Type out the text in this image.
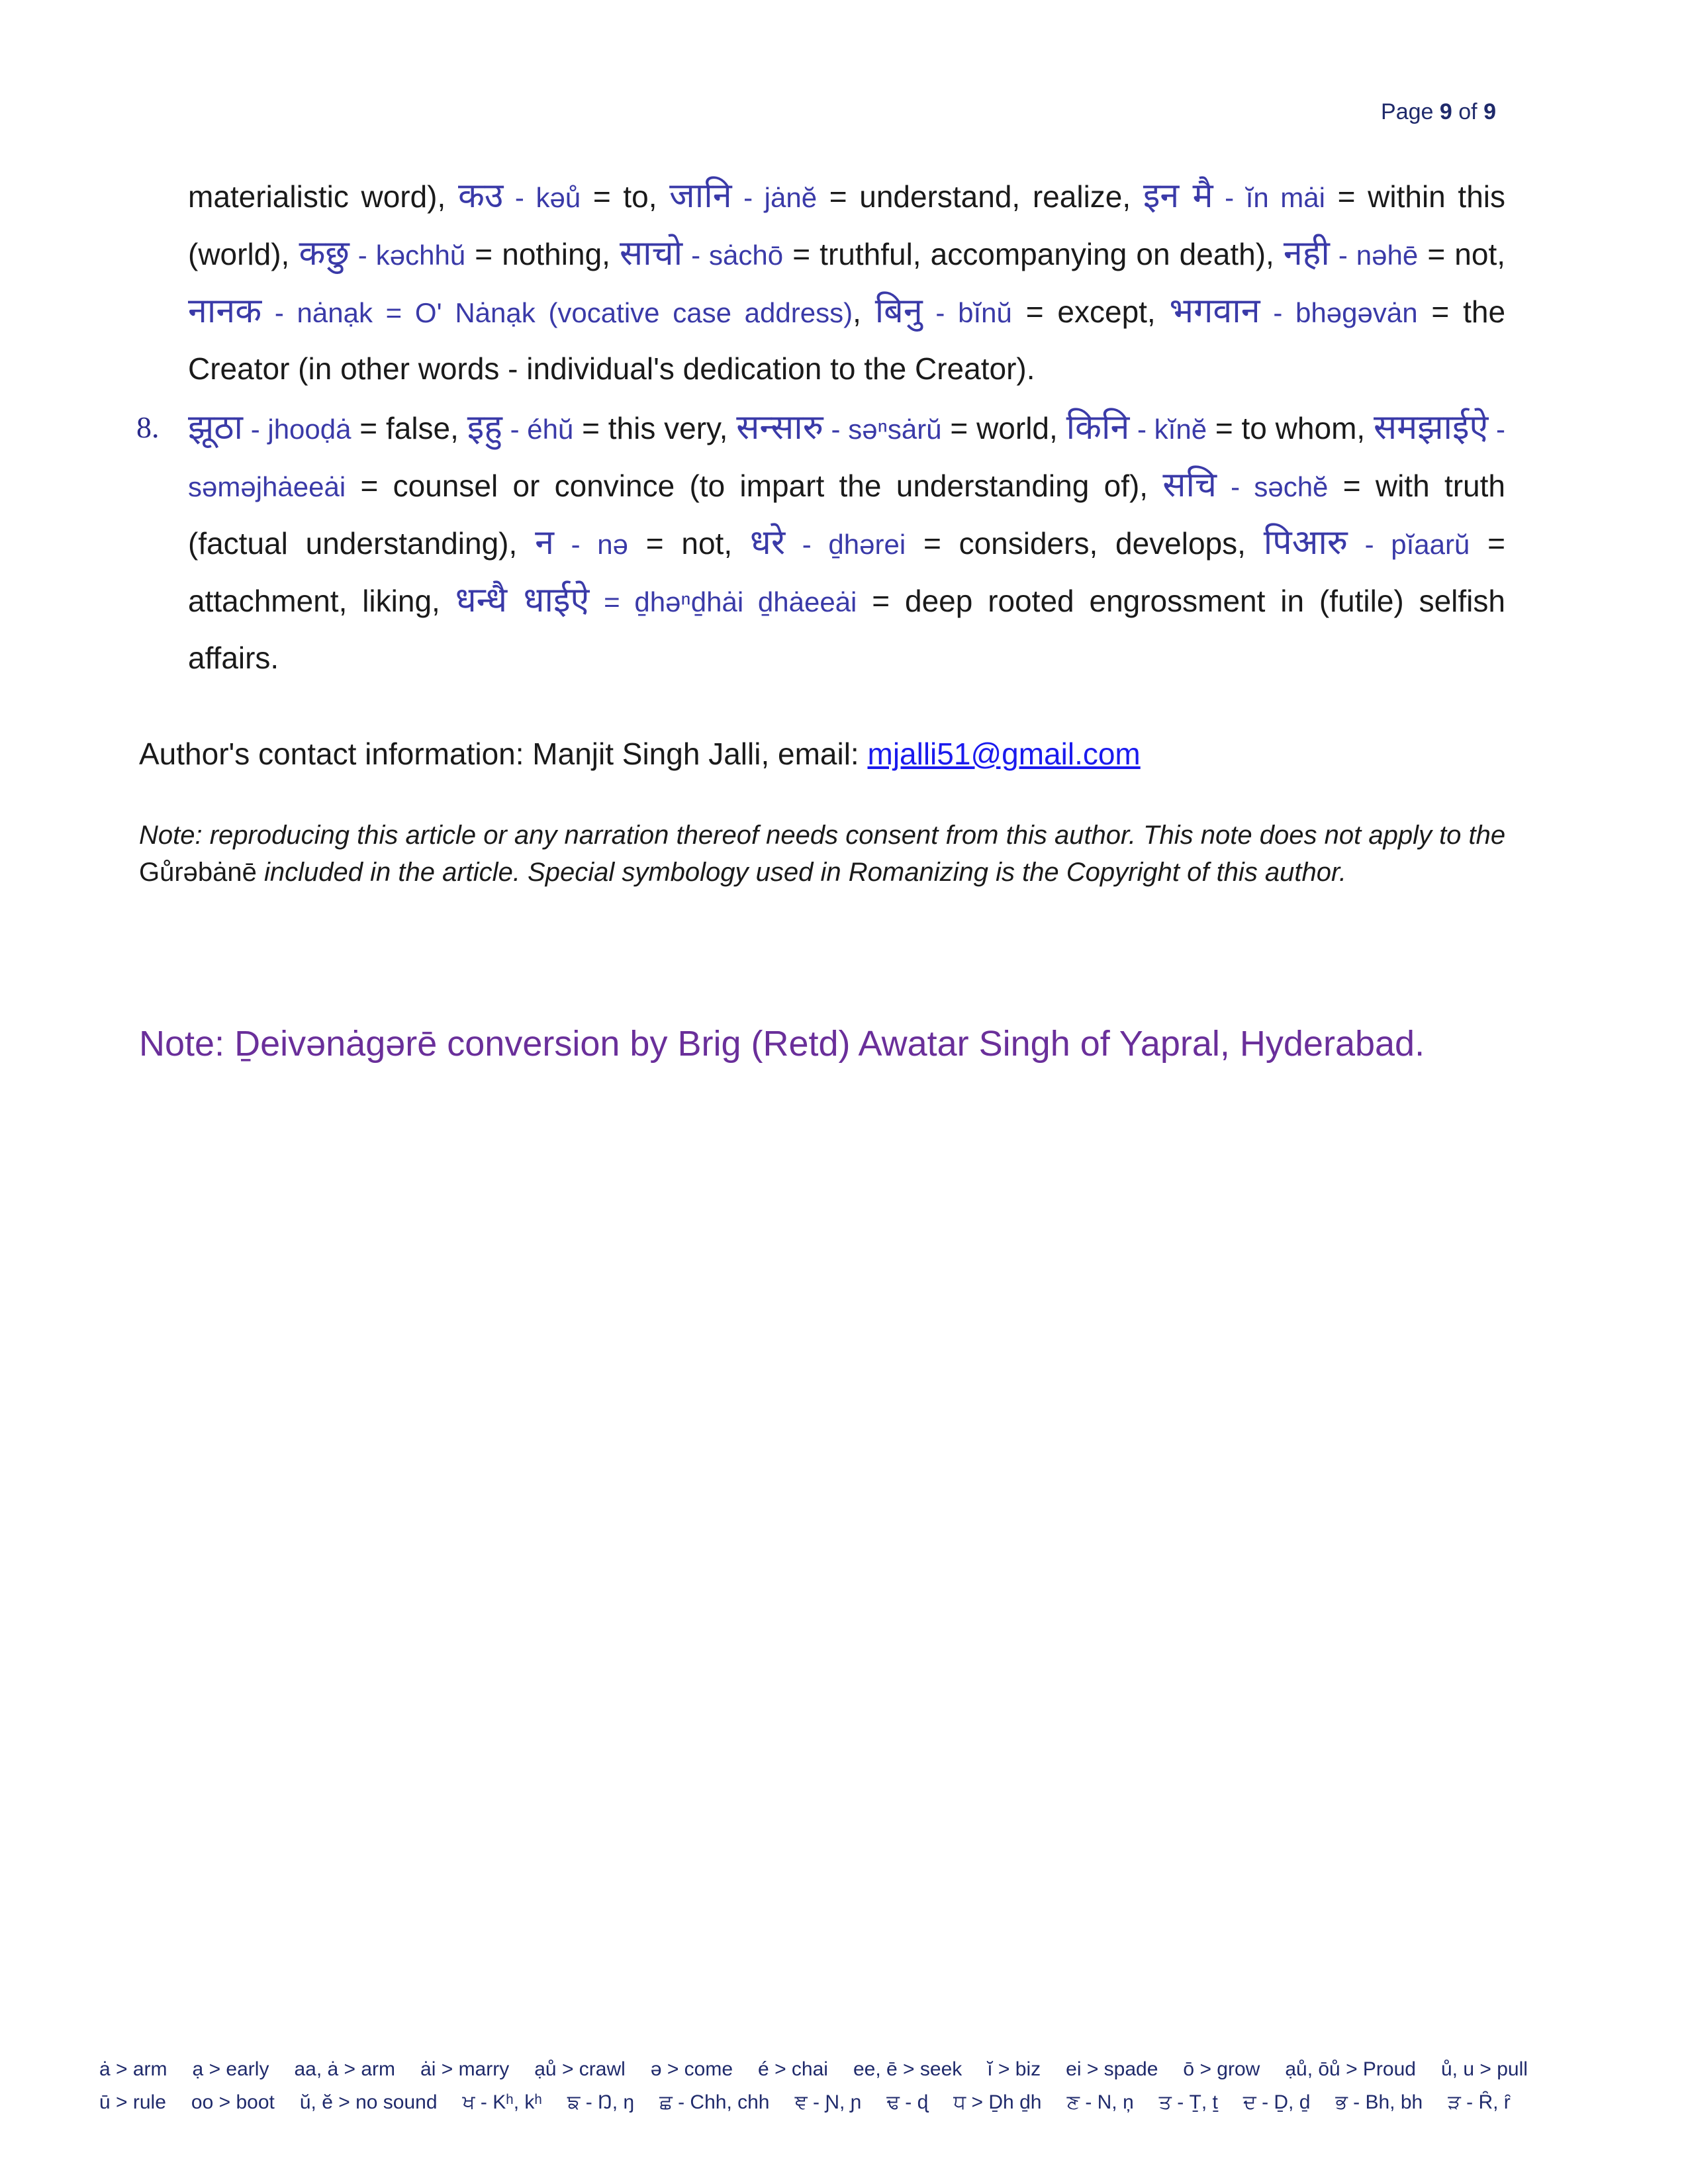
Page 9 of 9
materialistic word), कउ - kəů = to, जानि - jȧnĕ = understand, realize, इन मै - ĭn mȧi = within this (world), कछु - kəchhŭ = nothing, साचो - sȧchō = truthful, accompanying on death), नही - nəhē = not, नानक - nȧnạk = O' Nȧnạk (vocative case address), बिनु - bĭnŭ = except, भगवान - bhəgəvȧn = the Creator (in other words - individual's dedication to the Creator).
8. झूठा - jhooḍȧ = false, इहु - éhŭ = this very, सन्सारु - səⁿsȧrŭ = world, किनि - kĭnĕ = to whom, समझाईऐ - səməjhȧeeȧi = counsel or convince (to impart the understanding of), सचि - səchĕ = with truth (factual understanding), न - nə = not, धरे - ḏhərei = considers, develops, पिआरु - pĭaarŭ = attachment, liking, धन्धै धाईऐ = ḏhəⁿḏhȧi ḏhȧeeȧi = deep rooted engrossment in (futile) selfish affairs.
Author's contact information: Manjit Singh Jalli, email: mjalli51@gmail.com
Note: reproducing this article or any narration thereof needs consent from this author. This note does not apply to the Gůrəbȧnē included in the article. Special symbology used in Romanizing is the Copyright of this author.
Note: Ḏeivənȧgərē conversion by Brig (Retd) Awatar Singh of Yapral, Hyderabad.
ȧ > arm ạ > early aa, ȧ > arm ȧi > marry ạů > crawl ə > come é > chai ee, ē > seek ĭ > biz ei > spade ō > grow ạů, ōů > Proud ů, u > pull
ū > rule oo > boot ŭ, ĕ > no sound ਖ - Kʰ, kʰ ਙ - Ŋ, ŋ ਛ - Chh, chh ਞ - Ɲ, ɲ ਢ - ɖ ਧ > Ḏh ḏh ਣ - N, ņ ਤ - Ṯ, ṯ ਦ - Ḏ, ḏ ਭ - Bh, bh ੜ - Ȓ, ȓ
